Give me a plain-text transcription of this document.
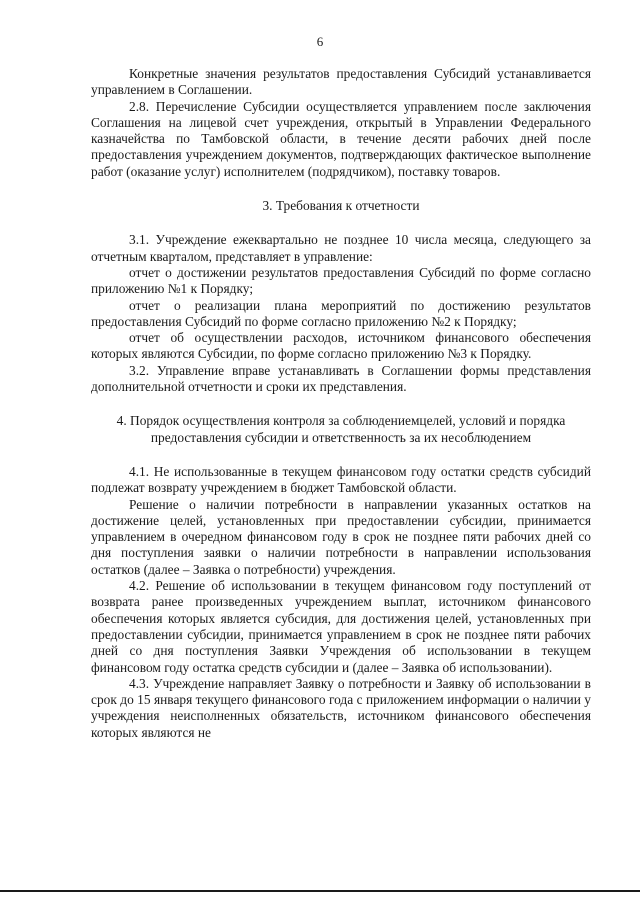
6

Конкретные значения результатов предоставления Субсидий устанавливается управлением в Соглашении.

2.8. Перечисление Субсидии осуществляется управлением после заключения Соглашения на лицевой счет учреждения, открытый в Управлении Федерального казначейства по Тамбовской области, в течение десяти рабочих дней после предоставления учреждением документов, подтверждающих фактическое выполнение работ (оказание услуг) исполнителем (подрядчиком), поставку товаров.

3. Требования к отчетности

3.1. Учреждение ежеквартально не позднее 10 числа месяца, следующего за отчетным кварталом, представляет в управление:

отчет о достижении результатов предоставления Субсидий по форме согласно приложению №1 к Порядку;

отчет о реализации плана мероприятий по достижению результатов предоставления Субсидий по форме согласно приложению №2 к Порядку;

отчет об осуществлении расходов, источником финансового обеспечения которых являются Субсидии, по форме согласно приложению №3 к Порядку.

3.2. Управление вправе устанавливать в Соглашении формы представления дополнительной отчетности и сроки их представления.

4. Порядок осуществления контроля за соблюдениемцелей, условий и порядка

предоставления субсидии и ответственность за их несоблюдением

4.1. Не использованные в текущем финансовом году остатки средств субсидий подлежат возврату учреждением в бюджет Тамбовской области.

Решение о наличии потребности в направлении указанных остатков на достижение целей, установленных при предоставлении субсидии, принимается управлением в очередном финансовом году в срок не позднее пяти рабочих дней со дня поступления заявки о наличии потребности в направлении использования остатков (далее – Заявка о потребности) учреждения.

4.2. Решение об использовании в текущем финансовом году поступлений от возврата ранее произведенных учреждением выплат, источником финансового обеспечения которых является субсидия, для достижения целей, установленных при предоставлении субсидии, принимается управлением в срок не позднее пяти рабочих дней со дня поступления Заявки Учреждения об использовании в текущем финансовом году остатка средств субсидии и (далее – Заявка об использовании).

4.3. Учреждение направляет Заявку о потребности и Заявку об использовании в срок до 15 января текущего финансового года с приложением информации о наличии у учреждения неисполненных обязательств, источником финансового обеспечения которых являются не
